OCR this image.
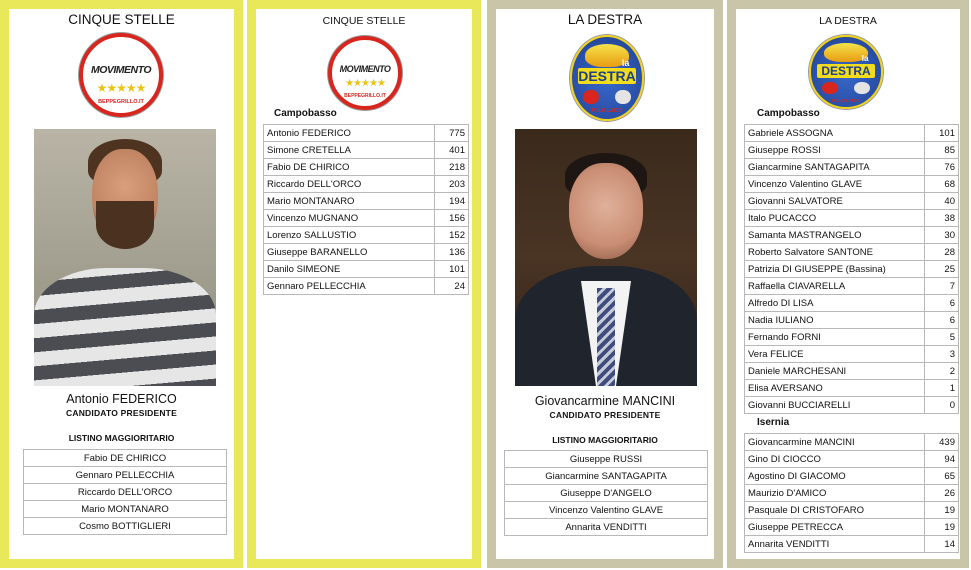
CINQUE STELLE
MOVIMENTO
★★★★★
BEPPEGRILLO.IT
Antonio FEDERICO
CANDIDATO PRESIDENTE
LISTINO MAGGIORITARIO
Fabio DE CHIRICO
Gennaro PELLECCHIA
Riccardo DELL'ORCO
Mario MONTANARO
Cosmo BOTTIGLIERI
CINQUE STELLE
MOVIMENTO
★★★★★
BEPPEGRILLO.IT
Campobasso
Antonio FEDERICO	775
Simone CRETELLA	401
Fabio DE CHIRICO	218
Riccardo DELL'ORCO	203
Mario MONTANARO	194
Vincenzo MUGNANO	156
Lorenzo SALLUSTIO	152
Giuseppe BARANELLO	136
Danilo SIMEONE	101
Gennaro PELLECCHIA	24
LA DESTRA
la
DESTRA
POLO LAICO
Giovancarmine MANCINI
CANDIDATO PRESIDENTE
LISTINO MAGGIORITARIO
Giuseppe RUSSI
Giancarmine SANTAGAPITA
Giuseppe D'ANGELO
Vincenzo Valentino GLAVE
Annarita VENDITTI
LA DESTRA
la
DESTRA
POLO LAICO
Campobasso
Gabriele ASSOGNA	101
Giuseppe ROSSI	85
Giancarmine SANTAGAPITA	76
Vincenzo Valentino GLAVE	68
Giovanni SALVATORE	40
Italo PUCACCO	38
Samanta MASTRANGELO	30
Roberto Salvatore SANTONE	28
Patrizia DI GIUSEPPE (Bassina)	25
Raffaella CIAVARELLA	7
Alfredo DI LISA	6
Nadia IULIANO	6
Fernando FORNI	5
Vera FELICE	3
Daniele MARCHESANI	2
Elisa AVERSANO	1
Giovanni BUCCIARELLI	0
Isernia
Giovancarmine MANCINI	439
Gino DI CIOCCO	94
Agostino DI GIACOMO	65
Maurizio D'AMICO	26
Pasquale DI CRISTOFARO	19
Giuseppe PETRECCA	19
Annarita VENDITTI	14
